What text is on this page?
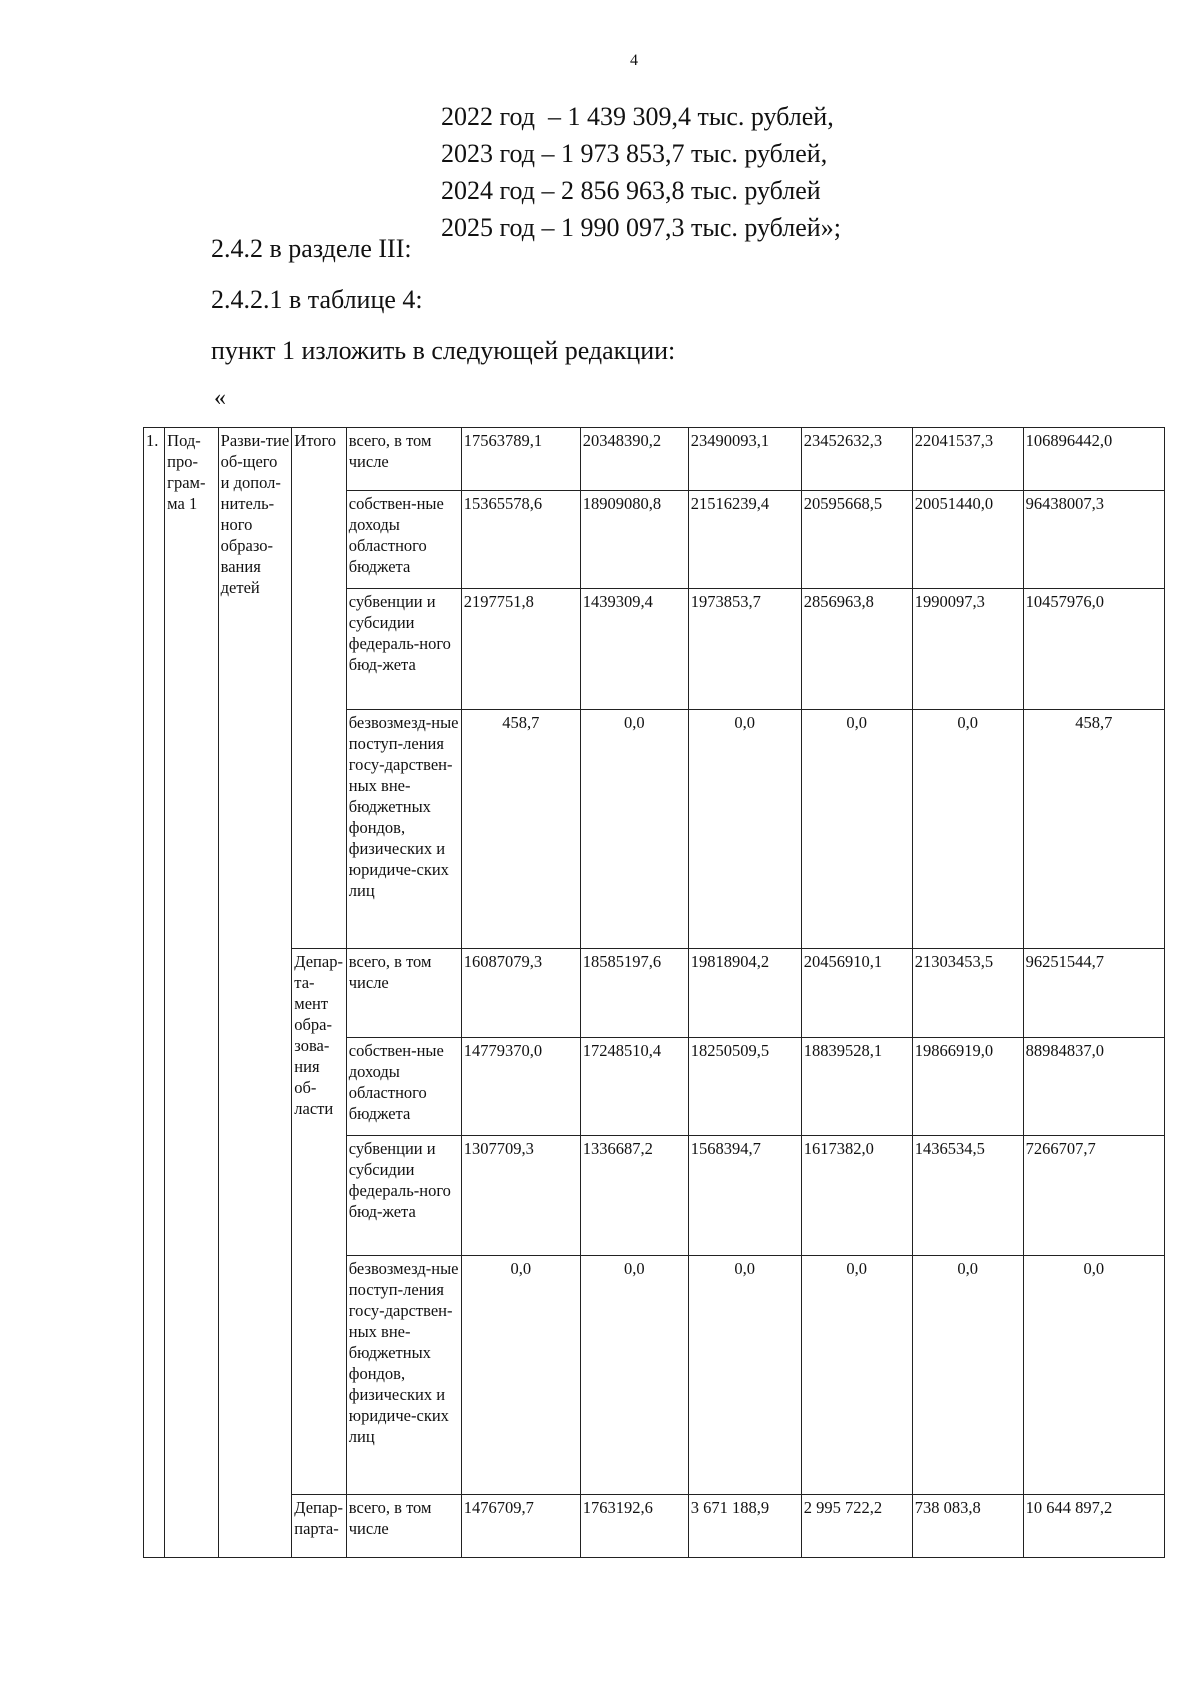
4
2022 год  – 1 439 309,4 тыс. рублей,
2023 год – 1 973 853,7 тыс. рублей,
2024 год – 2 856 963,8 тыс. рублей
2025 год – 1 990 097,3 тыс. рублей»;
2.4.2 в разделе III:
2.4.2.1 в таблице 4:
пункт 1 изложить в следующей редакции:
«
1.	Под-про-грам-ма 1	Разви-тие об-щего и допол-нитель-ного образо-вания детей	Итого	всего, в том числе	17563789,1	20348390,2	23490093,1	23452632,3	22041537,3	106896442,0
				собствен-ные доходы областного бюджета	15365578,6	18909080,8	21516239,4	20595668,5	20051440,0	96438007,3
				субвенции и субсидии федераль-ного бюд-жета	2197751,8	1439309,4	1973853,7	2856963,8	1990097,3	10457976,0
				безвозмезд-ные поступ-ления госу-дарствен-ных вне-бюджетных фондов, физических и юридиче-ских лиц	458,7	0,0	0,0	0,0	0,0	458,7
			Депар-та-мент обра-зова-ния об-ласти	всего, в том числе	16087079,3	18585197,6	19818904,2	20456910,1	21303453,5	96251544,7
				собствен-ные доходы областного бюджета	14779370,0	17248510,4	18250509,5	18839528,1	19866919,0	88984837,0
				субвенции и субсидии федераль-ного бюд-жета	1307709,3	1336687,2	1568394,7	1617382,0	1436534,5	7266707,7
				безвозмезд-ные поступ-ления госу-дарствен-ных вне-бюджетных фондов, физических и юридиче-ских лиц	0,0	0,0	0,0	0,0	0,0	0,0
			Депар-парта-	всего, в том числе	1476709,7	1763192,6	3 671 188,9	2 995 722,2	738 083,8	10 644 897,2
